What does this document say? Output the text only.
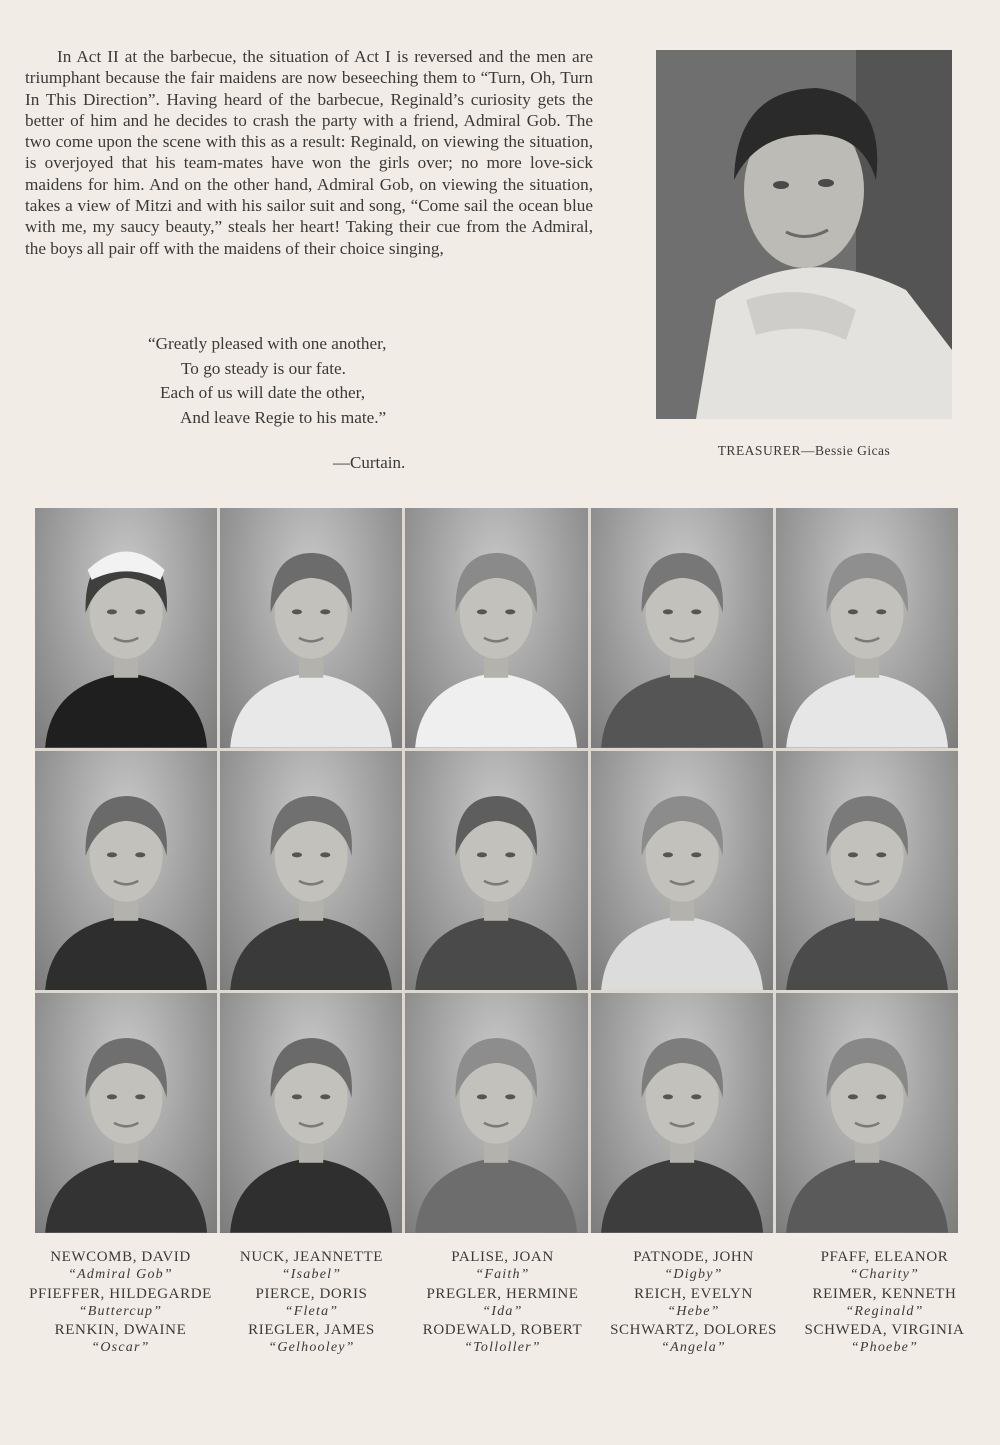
In Act II at the barbecue, the situation of Act I is reversed and the men are triumphant because the fair maidens are now beseeching them to “Turn, Oh, Turn In This Direction”. Having heard of the barbecue, Reginald’s curiosity gets the better of him and he decides to crash the party with a friend, Admiral Gob. The two come upon the scene with this as a result: Reginald, on viewing the situation, is overjoyed that his team-mates have won the girls over; no more love-sick maidens for him. And on the other hand, Admiral Gob, on viewing the situation, takes a view of Mitzi and with his sailor suit and song, “Come sail the ocean blue with me, my saucy beauty,” steals her heart! Taking their cue from the Admiral, the boys all pair off with the maidens of their choice singing,

“Greatly pleased with one another,
To go steady is our fate.
Each of us will date the other,
And leave Regie to his mate.”
—Curtain.
TREASURER—Bessie Gicas
NEWCOMB, DAVID
“Admiral Gob”
PFIEFFER, HILDEGARDE
“Buttercup”
RENKIN, DWAINE
“Oscar”
NUCK, JEANNETTE
“Isabel”
PIERCE, DORIS
“Fleta”
RIEGLER, JAMES
“Gelhooley”
PALISE, JOAN
“Faith”
PREGLER, HERMINE
“Ida”
RODEWALD, ROBERT
“Tolloller”
PATNODE, JOHN
“Digby”
REICH, EVELYN
“Hebe”
SCHWARTZ, DOLORES
“Angela”
PFAFF, ELEANOR
“Charity”
REIMER, KENNETH
“Reginald”
SCHWEDA, VIRGINIA
“Phoebe”
